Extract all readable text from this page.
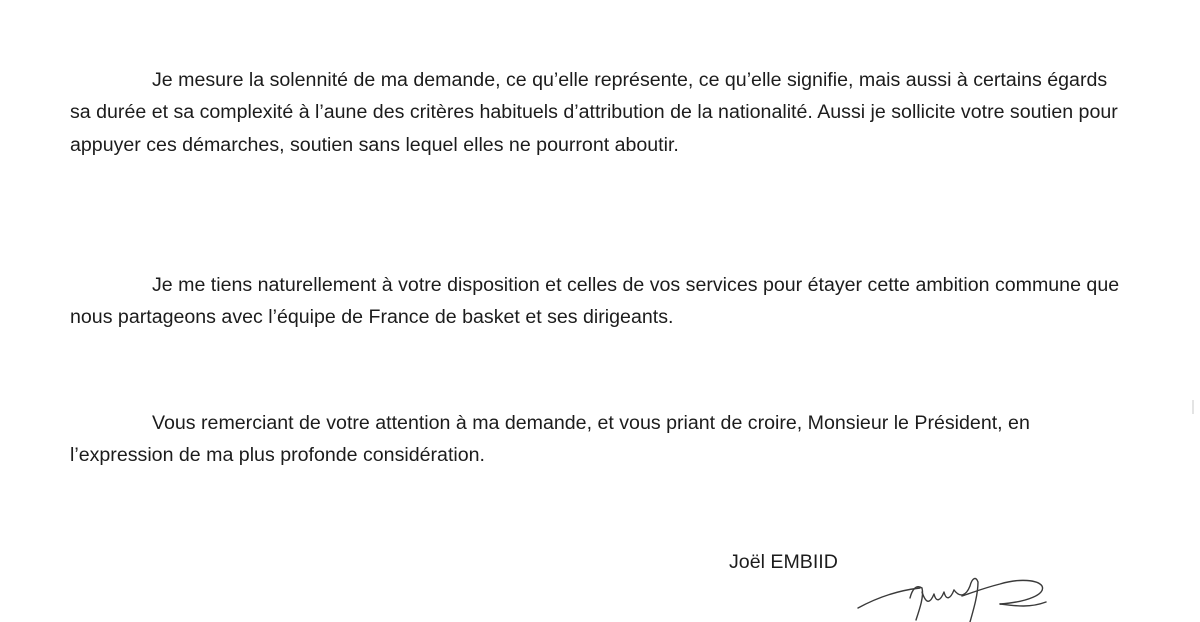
Je mesure la solennité de ma demande, ce qu’elle représente, ce qu’elle signifie, mais aussi à certains égards sa durée et sa complexité à l’aune des critères habituels d’attribution de la nationalité. Aussi je sollicite votre soutien pour appuyer ces démarches, soutien sans lequel elles ne pourront aboutir.

Je me tiens naturellement à votre disposition et celles de vos services pour étayer cette ambition commune que nous partageons avec l’équipe de France de basket et ses dirigeants.

Vous remerciant de votre attention à ma demande, et vous priant de croire, Monsieur le Président, en l’expression de ma plus profonde considération.

Joël EMBIID
